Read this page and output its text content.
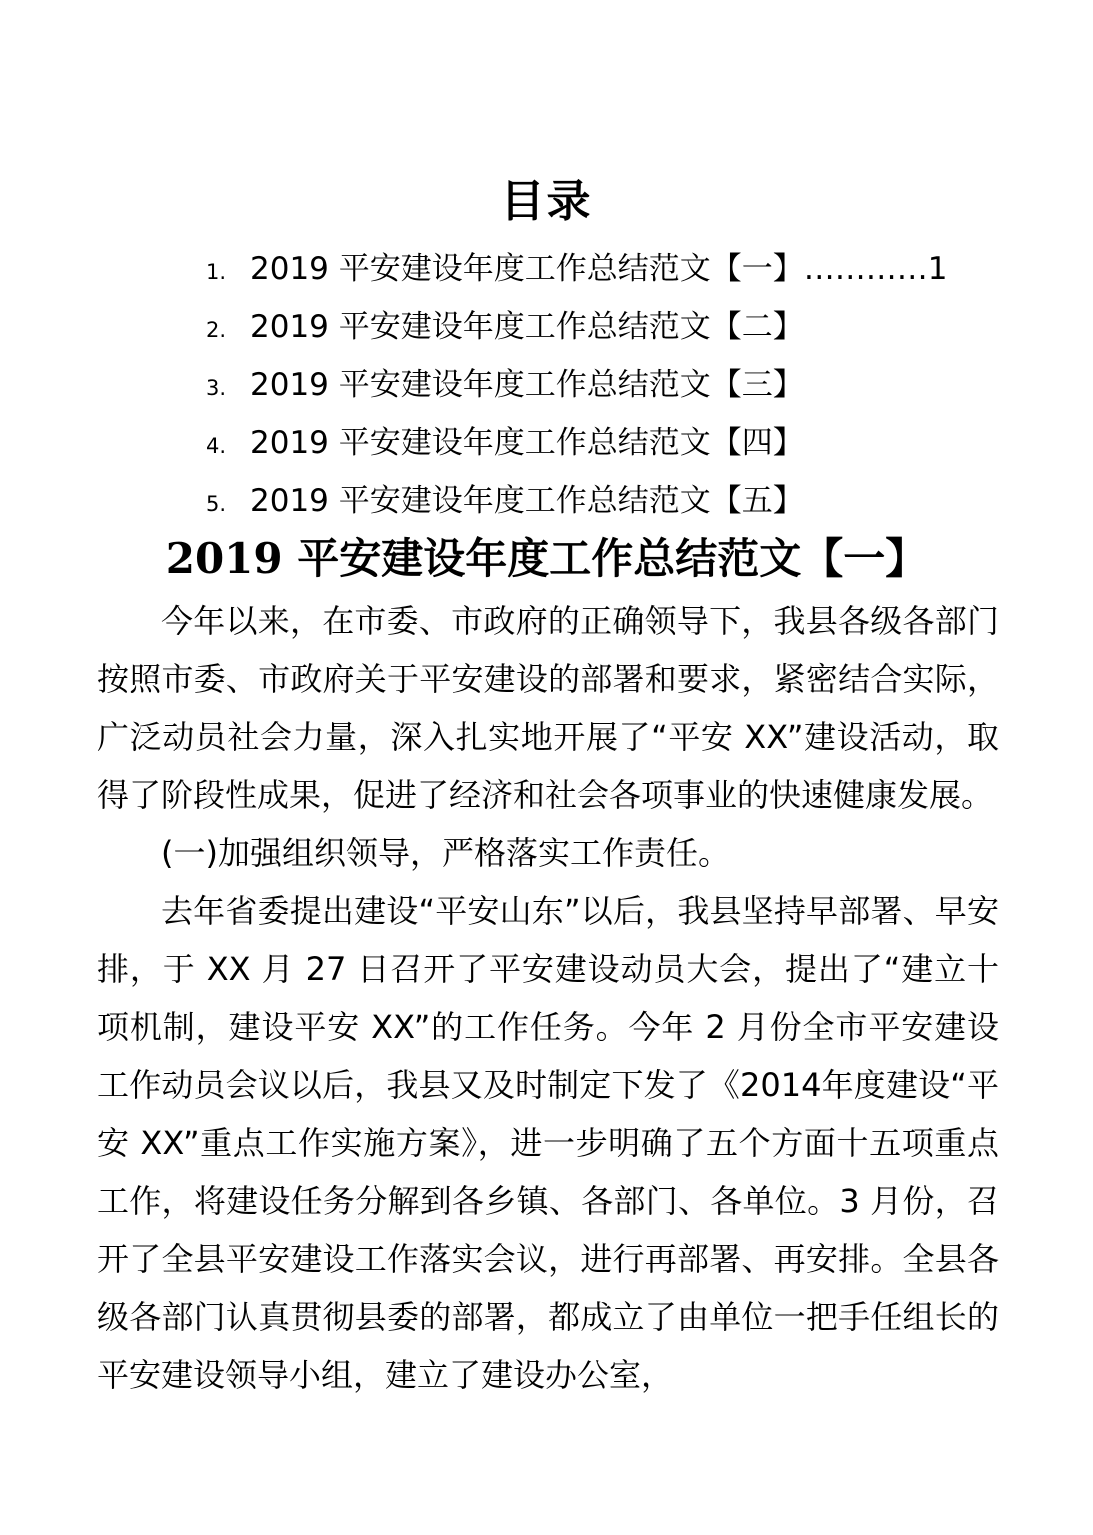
目录
1. 2019 平安建设年度工作总结范文【一】…………1
2. 2019 平安建设年度工作总结范文【二】
3. 2019 平安建设年度工作总结范文【三】
4. 2019 平安建设年度工作总结范文【四】
5. 2019 平安建设年度工作总结范文【五】
2019 平安建设年度工作总结范文【一】

今年以来，在市委、市政府的正确领导下，我县各级各部门按照市委、市政府关于平安建设的部署和要求，紧密结合实际，广泛动员社会力量，深入扎实地开展了“平安 XX”建设活动，取得了阶段性成果，促进了经济和社会各项事业的快速健康发展。

(一)加强组织领导，严格落实工作责任。

去年省委提出建设“平安山东”以后，我县坚持早部署、早安排，于 XX 月 27 日召开了平安建设动员大会，提出了“建立十项机制，建设平安 XX”的工作任务。今年 2 月份全市平安建设工作动员会议以后，我县又及时制定下发了《2014年度建设“平安 XX”重点工作实施方案》，进一步明确了五个方面十五项重点工作，将建设任务分解到各乡镇、各部门、各单位。3 月份，召开了全县平安建设工作落实会议，进行再部署、再安排。全县各级各部门认真贯彻县委的部署，都成立了由单位一把手任组长的平安建设领导小组，建立了建设办公室，
